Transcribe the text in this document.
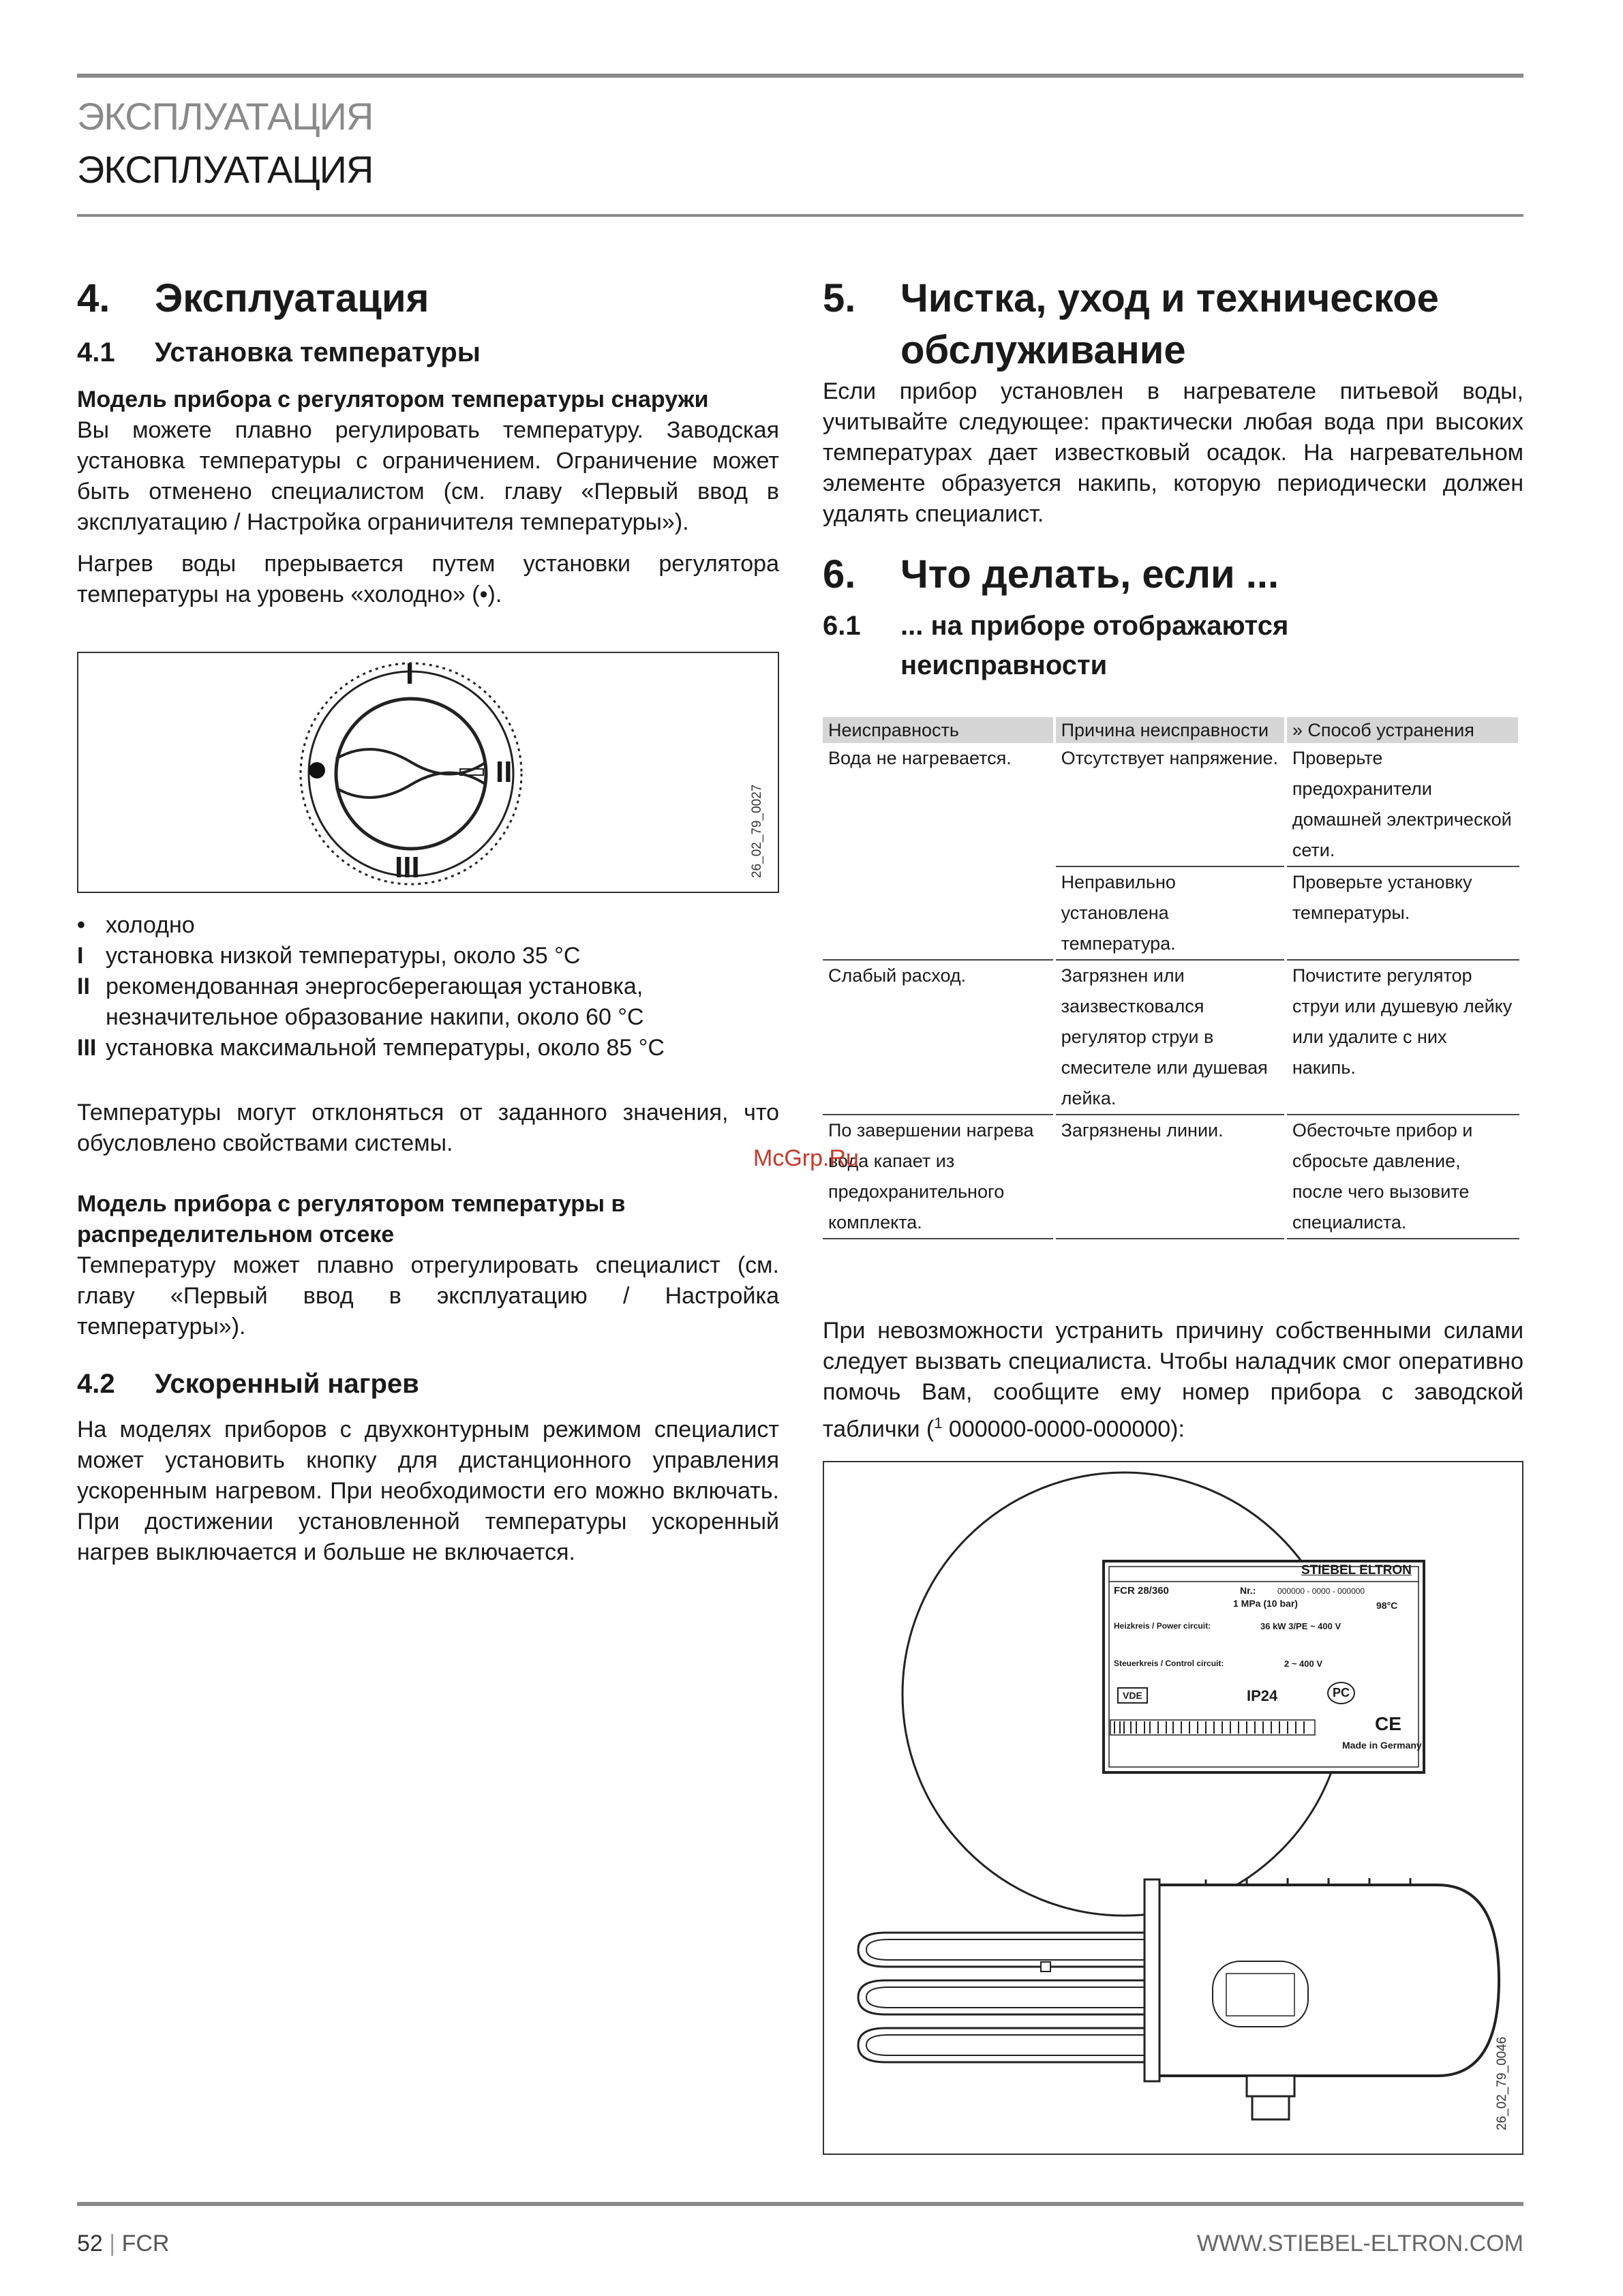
ЭКСПЛУАТАЦИЯ
ЭКСПЛУАТАЦИЯ
4.	Эксплуатация
4.1	Установка температуры

Модель прибора с регулятором температуры снаружи

Вы можете плавно регулировать температуру. Заводская установка температуры с ограничением. Ограничение может быть отменено специалистом (см. главу «Первый ввод в эксплуатацию / Настройка ограничителя температуры»).

Нагрев воды прерывается путем установки регулятора температуры на уровень «холодно» (•).

I
II
III	26_02_79_0027
• холодно
I установка низкой температуры, около 35 °C
II рекомендованная энергосберегающая установка, незначительное образование накипи, около 60 °C
III установка максимальной температуры, около 85 °C

Температуры могут отклоняться от заданного значения, что обусловлено свойствами системы.

Модель прибора с регулятором температуры в распределительном отсеке

Температуру может плавно отрегулировать специалист (см. главу «Первый ввод в эксплуатацию / Настройка температуры»).

4.2	Ускоренный нагрев

На моделях приборов с двухконтурным режимом специалист может установить кнопку для дистанционного управления ускоренным нагревом. При необходимости его можно включать. При достижении установленной температуры ускоренный нагрев выключается и больше не включается.

5.	Чистка, уход и техническое обслуживание

Если прибор установлен в нагревателе питьевой воды, учитывайте следующее: практически любая вода при высоких температурах дает известковый осадок. На нагревательном элементе образуется накипь, которую периодически должен удалять специалист.

6.	Что делать, если ...
6.1	... на приборе отображаются неисправности
Неисправность	Причина неисправности	» Способ устранения
Вода не нагревается.	Отсутствует напряжение.	Проверьте предохранители домашней электрической сети.
	Неправильно установлена температура.	Проверьте установку температуры.
Слабый расход.	Загрязнен или заизвестковался регулятор струи в смесителе или душевая лейка.	Почистите регулятор струи или душевую лейку или удалите с них накипь.
По завершении нагрева вода капает из предохранительного комплекта.	Загрязнены линии.	Обесточьте прибор и сбросьте давление, после чего вызовите специалиста.
McGrp.Ru

При невозможности устранить причину собственными силами следует вызвать специалиста. Чтобы наладчик смог оперативно помочь Вам, сообщите ему номер прибора с заводской таблички ($^1$ 000000-0000-000000):

STIEBEL ELTRON
FCR 28/360	Nr.:	000000 - 0000 - 000000
1 MPa (10 bar)	98°C
Heizkreis / Power circuit:	36 kW 3/PE ~ 400 V
Steuerkreis / Control circuit:	2 ~ 400 V
VDE	IP24	PC
CE
Made in Germany
26_02_79_0046
52 | FCR	WWW.STIEBEL-ELTRON.COM
